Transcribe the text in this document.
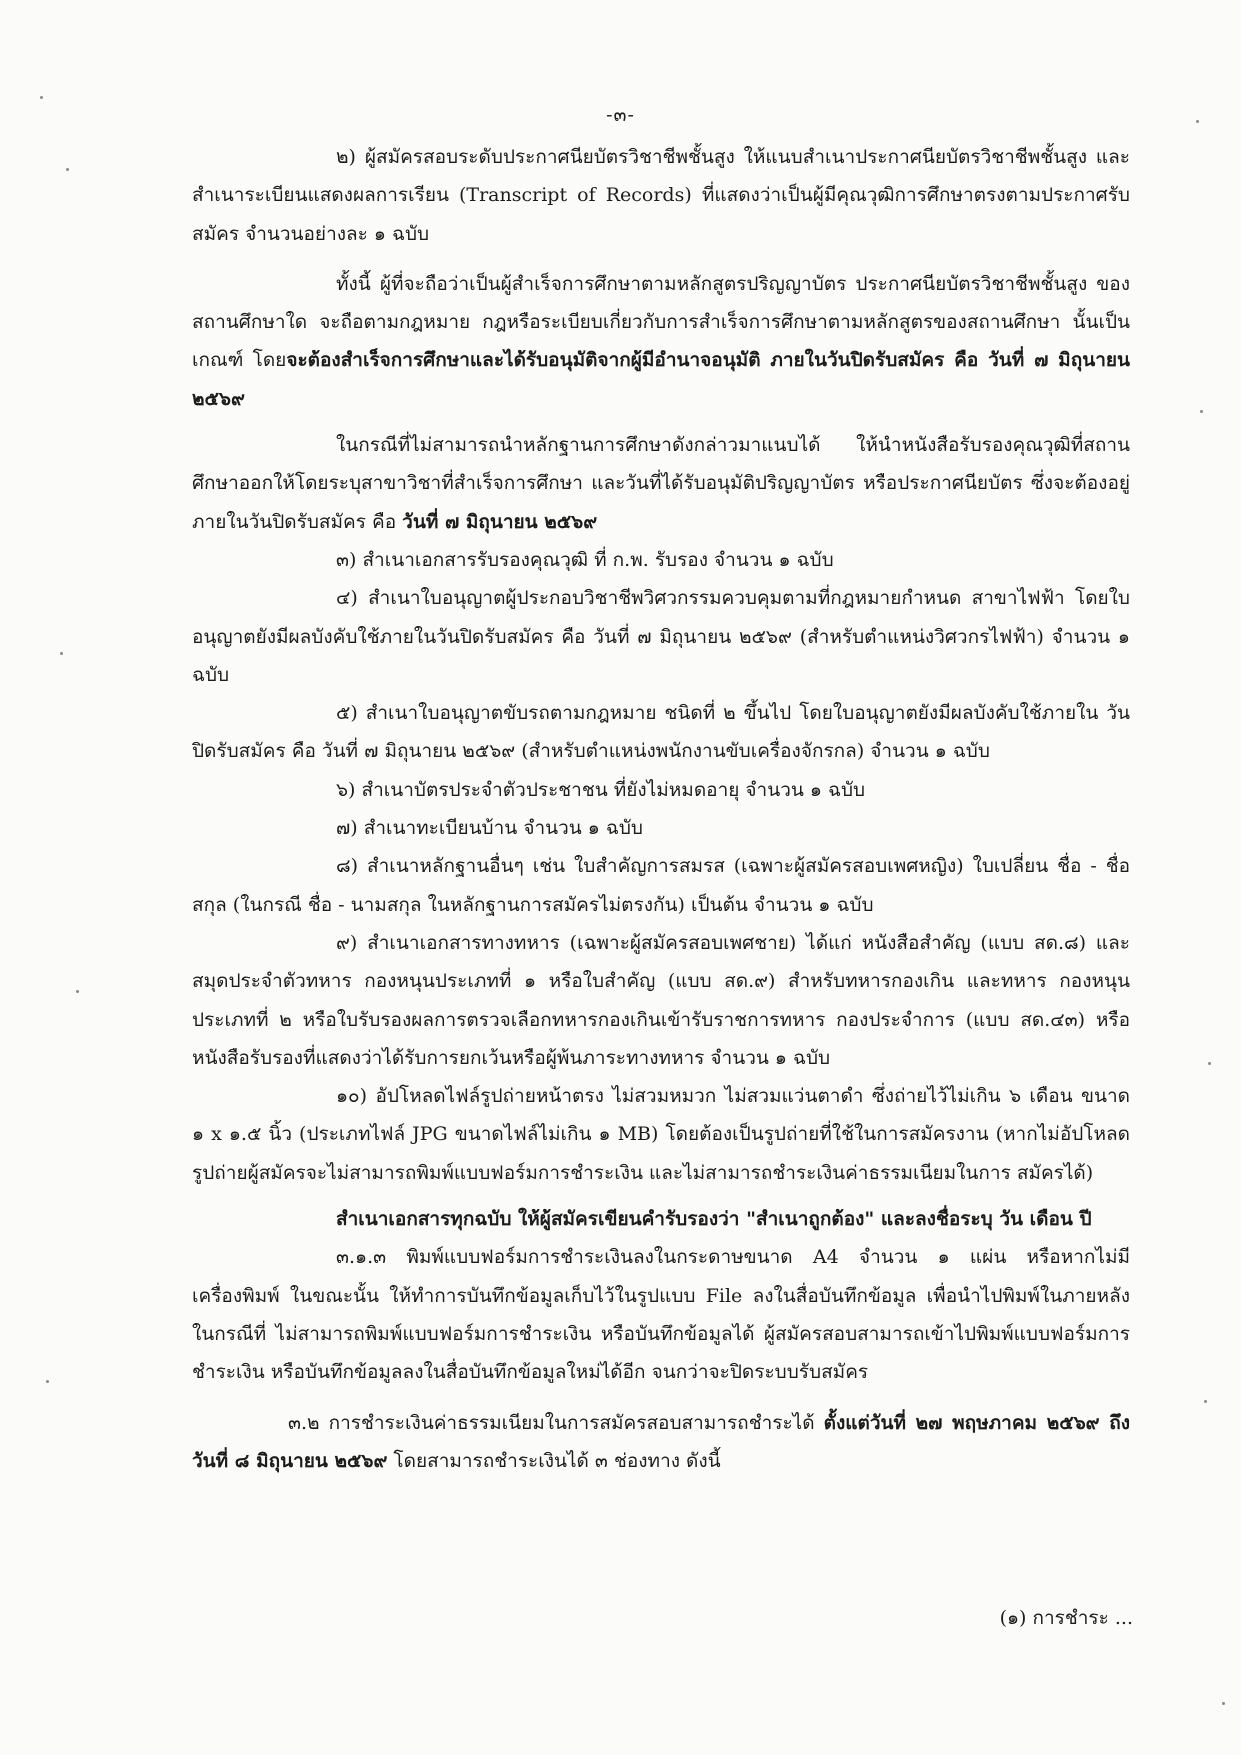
-๓-

๒) ผู้สมัครสอบระดับประกาศนียบัตรวิชาชีพชั้นสูง ให้แนบสำเนาประกาศนียบัตรวิชาชีพชั้นสูง และสำเนาระเบียนแสดงผลการเรียน (Transcript of Records) ที่แสดงว่าเป็นผู้มีคุณวุฒิการศึกษาตรงตามประกาศรับสมัคร จำนวนอย่างละ ๑ ฉบับ

ทั้งนี้ ผู้ที่จะถือว่าเป็นผู้สำเร็จการศึกษาตามหลักสูตรปริญญาบัตร ประกาศนียบัตรวิชาชีพชั้นสูง ของสถานศึกษาใด จะถือตามกฎหมาย กฎหรือระเบียบเกี่ยวกับการสำเร็จการศึกษาตามหลักสูตรของสถานศึกษา นั้นเป็นเกณฑ์ โดยจะต้องสำเร็จการศึกษาและได้รับอนุมัติจากผู้มีอำนาจอนุมัติ ภายในวันปิดรับสมัคร คือ วันที่ ๗ มิถุนายน ๒๕๖๙

ในกรณีที่ไม่สามารถนำหลักฐานการศึกษาดังกล่าวมาแนบได้ ให้นำหนังสือรับรองคุณวุฒิที่สถานศึกษาออกให้โดยระบุสาขาวิชาที่สำเร็จการศึกษา และวันที่ได้รับอนุมัติปริญญาบัตร หรือประกาศนียบัตร ซึ่งจะต้องอยู่ภายในวันปิดรับสมัคร คือ วันที่ ๗ มิถุนายน ๒๕๖๙

๓) สำเนาเอกสารรับรองคุณวุฒิ ที่ ก.พ. รับรอง จำนวน ๑ ฉบับ

๔) สำเนาใบอนุญาตผู้ประกอบวิชาชีพวิศวกรรมควบคุมตามที่กฎหมายกำหนด สาขาไฟฟ้า โดยใบอนุญาตยังมีผลบังคับใช้ภายในวันปิดรับสมัคร คือ วันที่ ๗ มิถุนายน ๒๕๖๙ (สำหรับตำแหน่งวิศวกรไฟฟ้า) จำนวน ๑ ฉบับ

๕) สำเนาใบอนุญาตขับรถตามกฎหมาย ชนิดที่ ๒ ขึ้นไป โดยใบอนุญาตยังมีผลบังคับใช้ภายใน วันปิดรับสมัคร คือ วันที่ ๗ มิถุนายน ๒๕๖๙ (สำหรับตำแหน่งพนักงานขับเครื่องจักรกล) จำนวน ๑ ฉบับ

๖) สำเนาบัตรประจำตัวประชาชน ที่ยังไม่หมดอายุ จำนวน ๑ ฉบับ

๗) สำเนาทะเบียนบ้าน จำนวน ๑ ฉบับ

๘) สำเนาหลักฐานอื่นๆ เช่น ใบสำคัญการสมรส (เฉพาะผู้สมัครสอบเพศหญิง) ใบเปลี่ยน ชื่อ - ชื่อสกุล (ในกรณี ชื่อ - นามสกุล ในหลักฐานการสมัครไม่ตรงกัน) เป็นต้น จำนวน ๑ ฉบับ

๙) สำเนาเอกสารทางทหาร (เฉพาะผู้สมัครสอบเพศชาย) ได้แก่ หนังสือสำคัญ (แบบ สด.๘) และสมุดประจำตัวทหาร กองหนุนประเภทที่ ๑ หรือใบสำคัญ (แบบ สด.๙) สำหรับทหารกองเกิน และทหาร กองหนุนประเภทที่ ๒ หรือใบรับรองผลการตรวจเลือกทหารกองเกินเข้ารับราชการทหาร กองประจำการ (แบบ สด.๔๓) หรือหนังสือรับรองที่แสดงว่าได้รับการยกเว้นหรือผู้พ้นภาระทางทหาร จำนวน ๑ ฉบับ

๑๐) อัปโหลดไฟล์รูปถ่ายหน้าตรง ไม่สวมหมวก ไม่สวมแว่นตาดำ ซึ่งถ่ายไว้ไม่เกิน ๖ เดือน ขนาด ๑ x ๑.๕ นิ้ว (ประเภทไฟล์ JPG ขนาดไฟล์ไม่เกิน ๑ MB) โดยต้องเป็นรูปถ่ายที่ใช้ในการสมัครงาน (หากไม่อัปโหลดรูปถ่ายผู้สมัครจะไม่สามารถพิมพ์แบบฟอร์มการชำระเงิน และไม่สามารถชำระเงินค่าธรรมเนียมในการ สมัครได้)

สำเนาเอกสารทุกฉบับ ให้ผู้สมัครเขียนคำรับรองว่า "สำเนาถูกต้อง" และลงชื่อระบุ วัน เดือน ปี

๓.๑.๓ พิมพ์แบบฟอร์มการชำระเงินลงในกระดาษขนาด A4 จำนวน ๑ แผ่น หรือหากไม่มีเครื่องพิมพ์ ในขณะนั้น ให้ทำการบันทึกข้อมูลเก็บไว้ในรูปแบบ File ลงในสื่อบันทึกข้อมูล เพื่อนำไปพิมพ์ในภายหลัง ในกรณีที่ ไม่สามารถพิมพ์แบบฟอร์มการชำระเงิน หรือบันทึกข้อมูลได้ ผู้สมัครสอบสามารถเข้าไปพิมพ์แบบฟอร์มการ ชำระเงิน หรือบันทึกข้อมูลลงในสื่อบันทึกข้อมูลใหม่ได้อีก จนกว่าจะปิดระบบรับสมัคร

๓.๒ การชำระเงินค่าธรรมเนียมในการสมัครสอบสามารถชำระได้ ตั้งแต่วันที่ ๒๗ พฤษภาคม ๒๕๖๙ ถึงวันที่ ๘ มิถุนายน ๒๕๖๙ โดยสามารถชำระเงินได้ ๓ ช่องทาง ดังนี้

(๑) การชำระ ...
